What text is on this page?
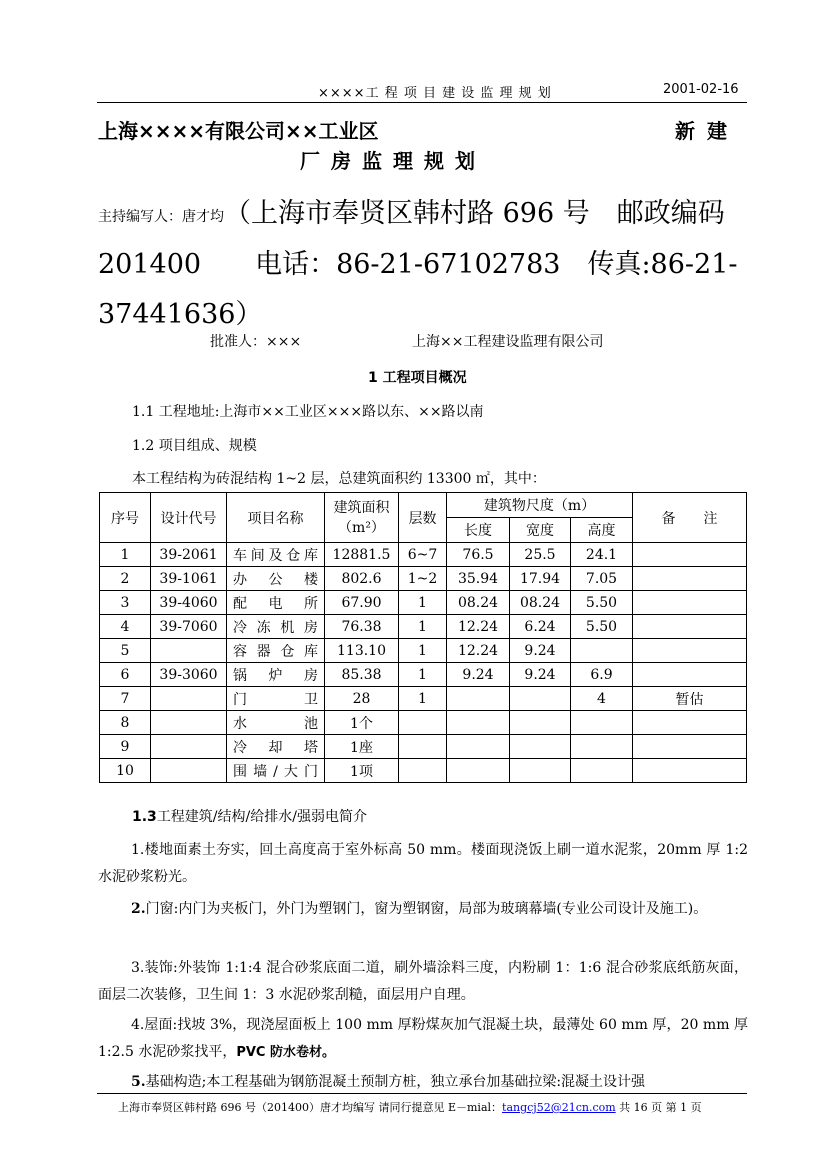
××××工 程 项 目 建 设 监 理 规 划	2001-02-16
上海××××有限公司××工业区	新建
厂房监理规划
主持编写人：唐才均（上海市奉贤区韩村路 696 号　邮政编码 201400　　电话：86-21-67102783　传真:86-21-37441636）
批准人：×××	上海××工程建设监理有限公司
1 工程项目概况
1.1 工程地址:上海市××工业区×××路以东、××路以南
1.2 项目组成、规模
本工程结构为砖混结构 1~2 层，总建筑面积约 13300 ㎡，其中：
序号	设计代号	项目名称	建筑面积（m²）	层数	建筑物尺度（m）			备　　注
					长度	宽度	高度	
1	39-2061	车间及仓库	12881.5	6~7	76.5	25.5	24.1	
2	39-1061	办公楼	802.6	1~2	35.94	17.94	7.05	
3	39-4060	配电所	67.90	1	08.24	08.24	5.50	
4	39-7060	冷冻机房	76.38	1	12.24	6.24	5.50	
5		容器仓库	113.10	1	12.24	9.24		
6	39-3060	锅炉房	85.38	1	9.24	9.24	6.9	
7		门卫	28	1			4	暂估
8		水池	1个					
9		冷却塔	1座					
10		围墙/大门	1项					
1.3工程建筑/结构/给排水/强弱电简介
1.楼地面素土夯实，回土高度高于室外标高 50 mm。楼面现浇饭上刷一道水泥浆，20mm 厚 1:2 水泥砂浆粉光。
2.门窗:内门为夹板门，外门为塑钢门，窗为塑钢窗，局部为玻璃幕墙(专业公司设计及施工)。
3.装饰:外装饰 1:1:4 混合砂浆底面二道，刷外墙涂料三度，内粉刷 1：1:6 混合砂浆底纸筋灰面，面层二次装修，卫生间 1：3 水泥砂浆刮糙，面层用户自理。
4.屋面:找坡 3%，现浇屋面板上 100 mm 厚粉煤灰加气混凝土块，最薄处 60 mm 厚，20 mm 厚 1:2.5 水泥砂浆找平，PVC 防水卷材。
5.基础构造;本工程基础为钢筋混凝土预制方桩，独立承台加基础拉梁:混凝土设计强
上海市奉贤区韩村路 696 号（201400）唐才均编写 请同行提意见 E－mial：tangcj52@21cn.com 共 16 页 第 1 页
